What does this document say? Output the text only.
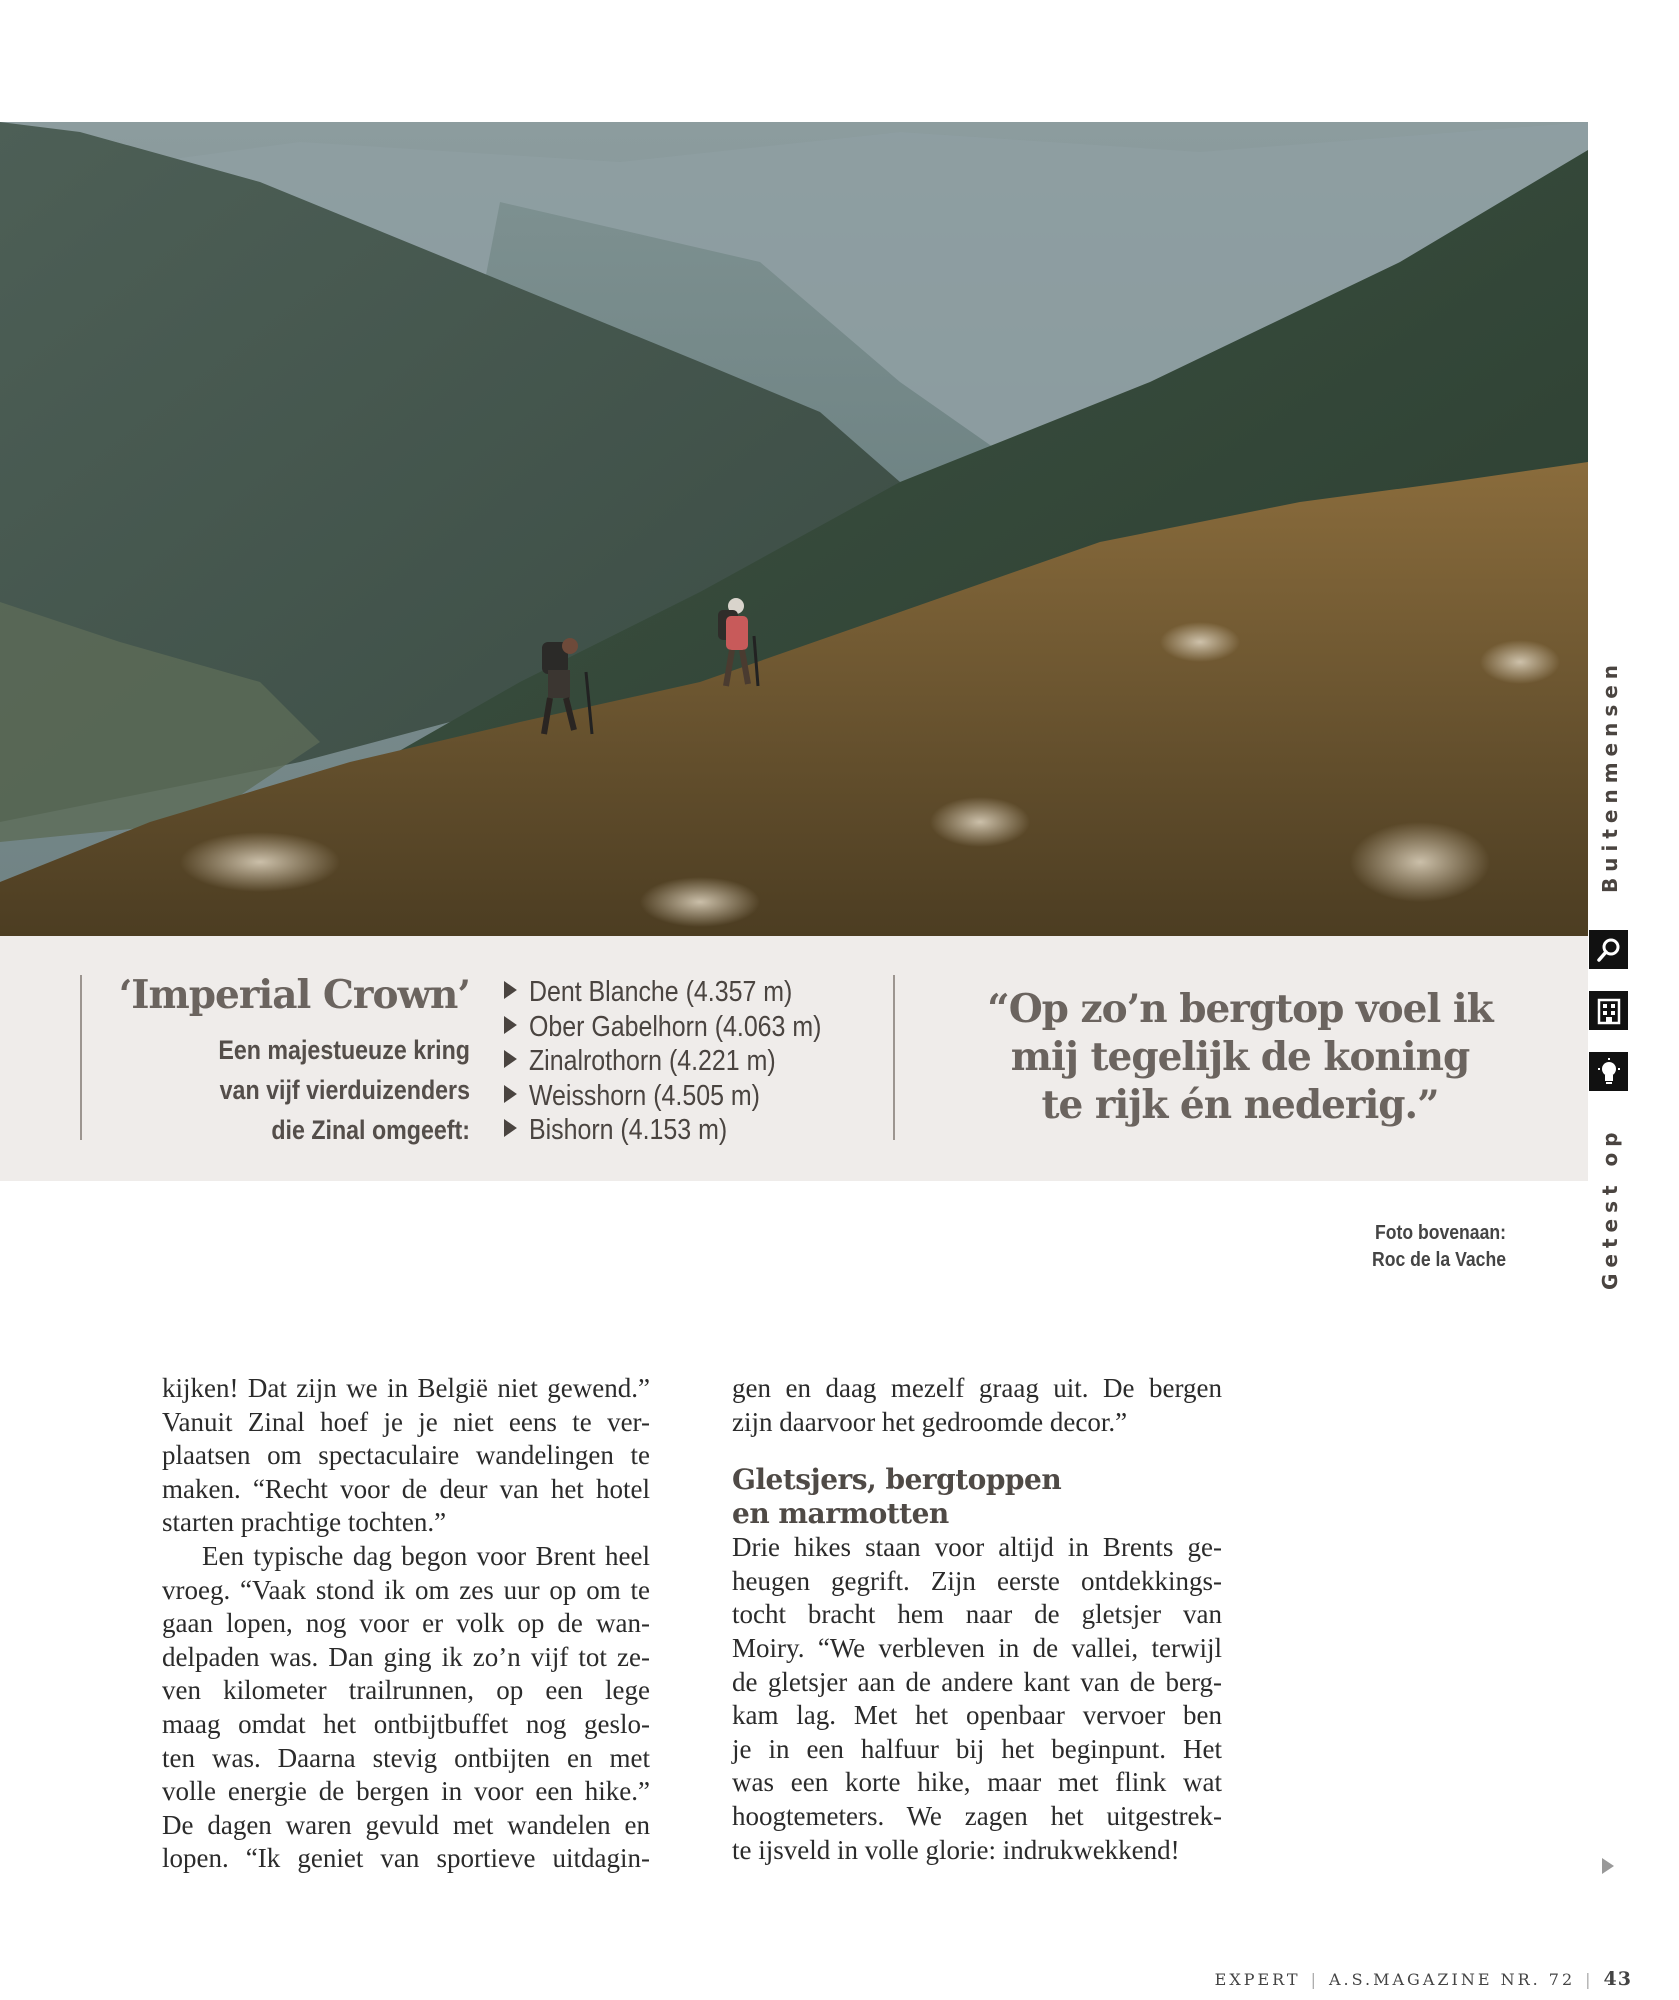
‘Imperial Crown’
Een majestueuze kring
van vijf vierduizenders
die Zinal omgeeft:
Dent Blanche (4.357 m)
Ober Gabelhorn (4.063 m)
Zinalrothorn (4.221 m)
Weisshorn (4.505 m)
Bishorn (4.153 m)
“Op zo’n bergtop voel ik
mij tegelijk de koning
te rijk én nederig.”
Foto bovenaan:
Roc de la Vache
Buitenmensen
Getest op
kijken! Dat zijn we in België niet gewend.”
Vanuit Zinal hoef je je niet eens te ver-
plaatsen om spectaculaire wandelingen te
maken. “Recht voor de deur van het hotel
starten prachtige tochten.”
Een typische dag begon voor Brent heel
vroeg. “Vaak stond ik om zes uur op om te
gaan lopen, nog voor er volk op de wan-
delpaden was. Dan ging ik zo’n vijf tot ze-
ven kilometer trailrunnen, op een lege
maag omdat het ontbijtbuffet nog geslo-
ten was. Daarna stevig ontbijten en met
volle energie de bergen in voor een hike.”
De dagen waren gevuld met wandelen en
lopen. “Ik geniet van sportieve uitdagin-
gen en daag mezelf graag uit. De bergen
zijn daarvoor het gedroomde decor.”
Gletsjers, bergtoppen
en marmotten
Drie hikes staan voor altijd in Brents ge-
heugen gegrift. Zijn eerste ontdekkings-
tocht bracht hem naar de gletsjer van
Moiry. “We verbleven in de vallei, terwijl
de gletsjer aan de andere kant van de berg-
kam lag. Met het openbaar vervoer ben
je in een halfuur bij het beginpunt. Het
was een korte hike, maar met flink wat
hoogtemeters. We zagen het uitgestrek-
te ijsveld in volle glorie: indrukwekkend!
EXPERT | A.S.MAGAZINE NR. 72 | 43
